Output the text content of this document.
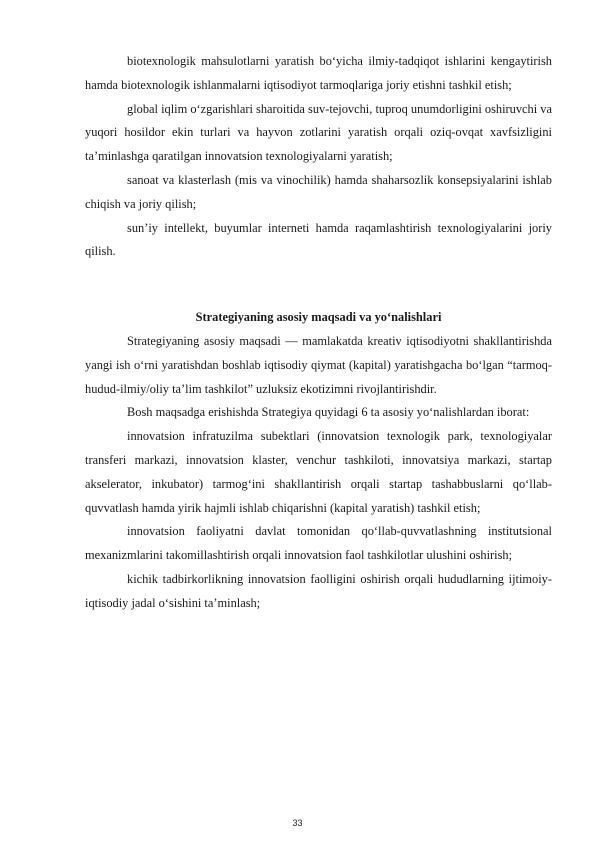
biotexnologik mahsulotlarni yaratish bo‘yicha ilmiy-tadqiqot ishlarini kengaytirish hamda biotexnologik ishlanmalarni iqtisodiyot tarmoqlariga joriy etishni tashkil etish;

global iqlim o‘zgarishlari sharoitida suv-tejovchi, tuproq unumdorligini oshiruvchi va yuqori hosildor ekin turlari va hayvon zotlarini yaratish orqali oziq-ovqat xavfsizligini ta’minlashga qaratilgan innovatsion texnologiyalarni yaratish;

sanoat va klasterlash (mis va vinochilik) hamda shaharsozlik konsepsiyalarini ishlab chiqish va joriy qilish;

sun’iy intellekt, buyumlar interneti hamda raqamlashtirish texnologiyalarini joriy qilish.

Strategiyaning asosiy maqsadi va yo‘nalishlari

Strategiyaning asosiy maqsadi — mamlakatda kreativ iqtisodiyotni shakllantirishda yangi ish o‘rni yaratishdan boshlab iqtisodiy qiymat (kapital) yaratishgacha bo‘lgan “tarmoq-hudud-ilmiy/oliy ta’lim tashkilot” uzluksiz ekotizimni rivojlantirishdir.

Bosh maqsadga erishishda Strategiya quyidagi 6 ta asosiy yo‘nalishlardan iborat:

innovatsion infratuzilma subektlari (innovatsion texnologik park, texnologiyalar transferi markazi, innovatsion klaster, venchur tashkiloti, innovatsiya markazi, startap akselerator, inkubator) tarmog‘ini shakllantirish orqali startap tashabbuslarni qo‘llab-quvvatlash hamda yirik hajmli ishlab chiqarishni (kapital yaratish) tashkil etish;

innovatsion faoliyatni davlat tomonidan qo‘llab-quvvatlashning institutsional mexanizmlarini takomillashtirish orqali innovatsion faol tashkilotlar ulushini oshirish;

kichik tadbirkorlikning innovatsion faolligini oshirish orqali hududlarning ijtimoiy-iqtisodiy jadal o‘sishini ta’minlash;

33
